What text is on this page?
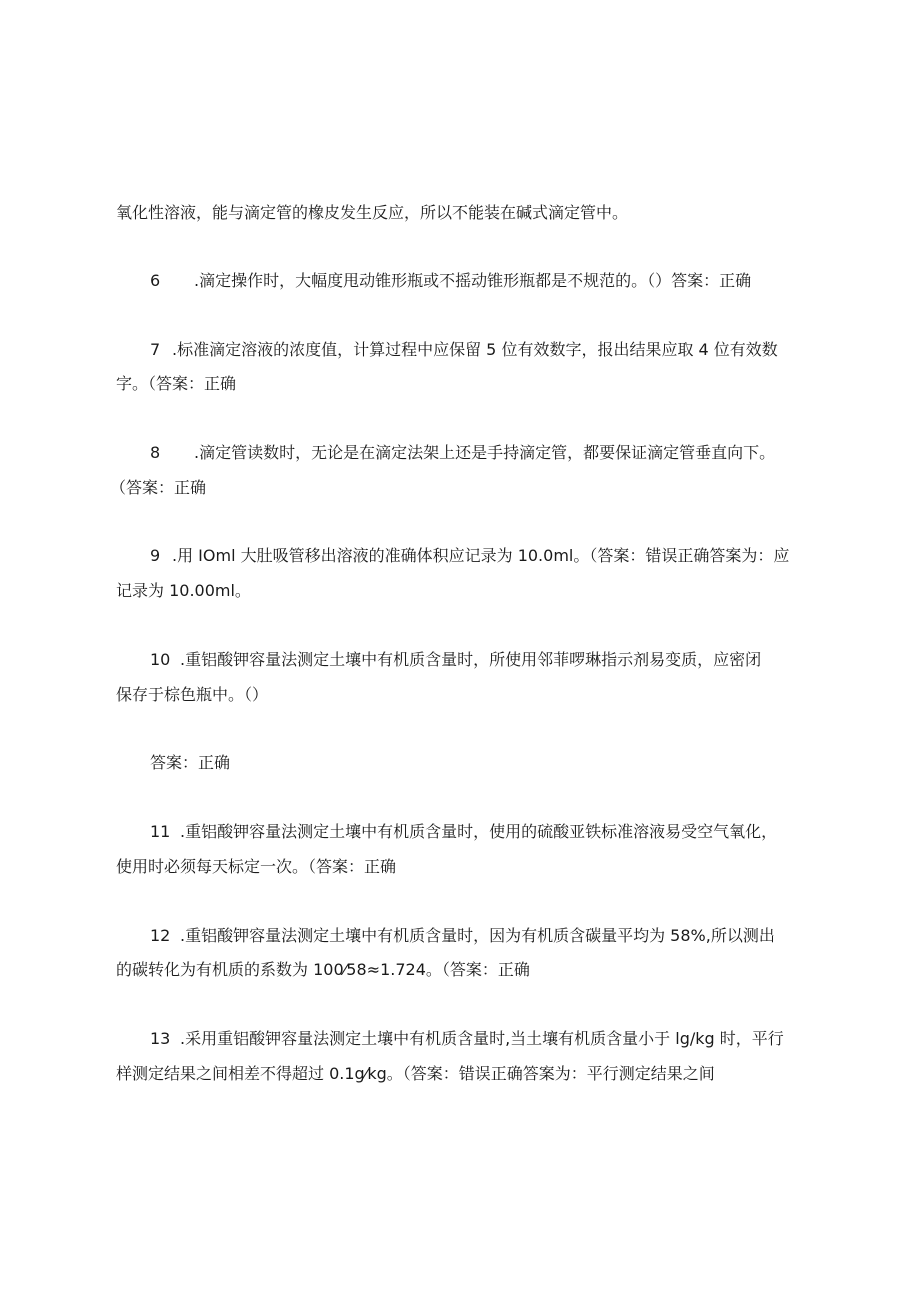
氧化性溶液，能与滴定管的橡皮发生反应，所以不能装在碱式滴定管中。
6 .滴定操作时，大幅度甩动锥形瓶或不摇动锥形瓶都是不规范的。（）答案：正确
7 .标准滴定溶液的浓度值，计算过程中应保留 5 位有效数字，报出结果应取 4 位有效数
字。（答案：正确
8 .滴定管读数时，无论是在滴定法架上还是手持滴定管，都要保证滴定管垂直向下。
（答案：正确
9 .用 IOml 大肚吸管移出溶液的准确体积应记录为 10.0ml。（答案：错误正确答案为：应
记录为 10.00ml。
10 .重铝酸钾容量法测定土壤中有机质含量时，所使用邻菲啰琳指示剂易变质，应密闭
保存于棕色瓶中。（）
答案：正确
11 .重铝酸钾容量法测定土壤中有机质含量时，使用的硫酸亚铁标准溶液易受空气氧化，
使用时必须每天标定一次。（答案：正确
12 .重铝酸钾容量法测定土壤中有机质含量时，因为有机质含碳量平均为 58%,所以测出
的碳转化为有机质的系数为 100⁄58≈1.724。（答案：正确
13 .采用重铝酸钾容量法测定土壤中有机质含量时,当土壤有机质含量小于 lg/kg 时，平行
样测定结果之间相差不得超过 0.1g⁄kg。（答案：错误正确答案为：平行测定结果之间
